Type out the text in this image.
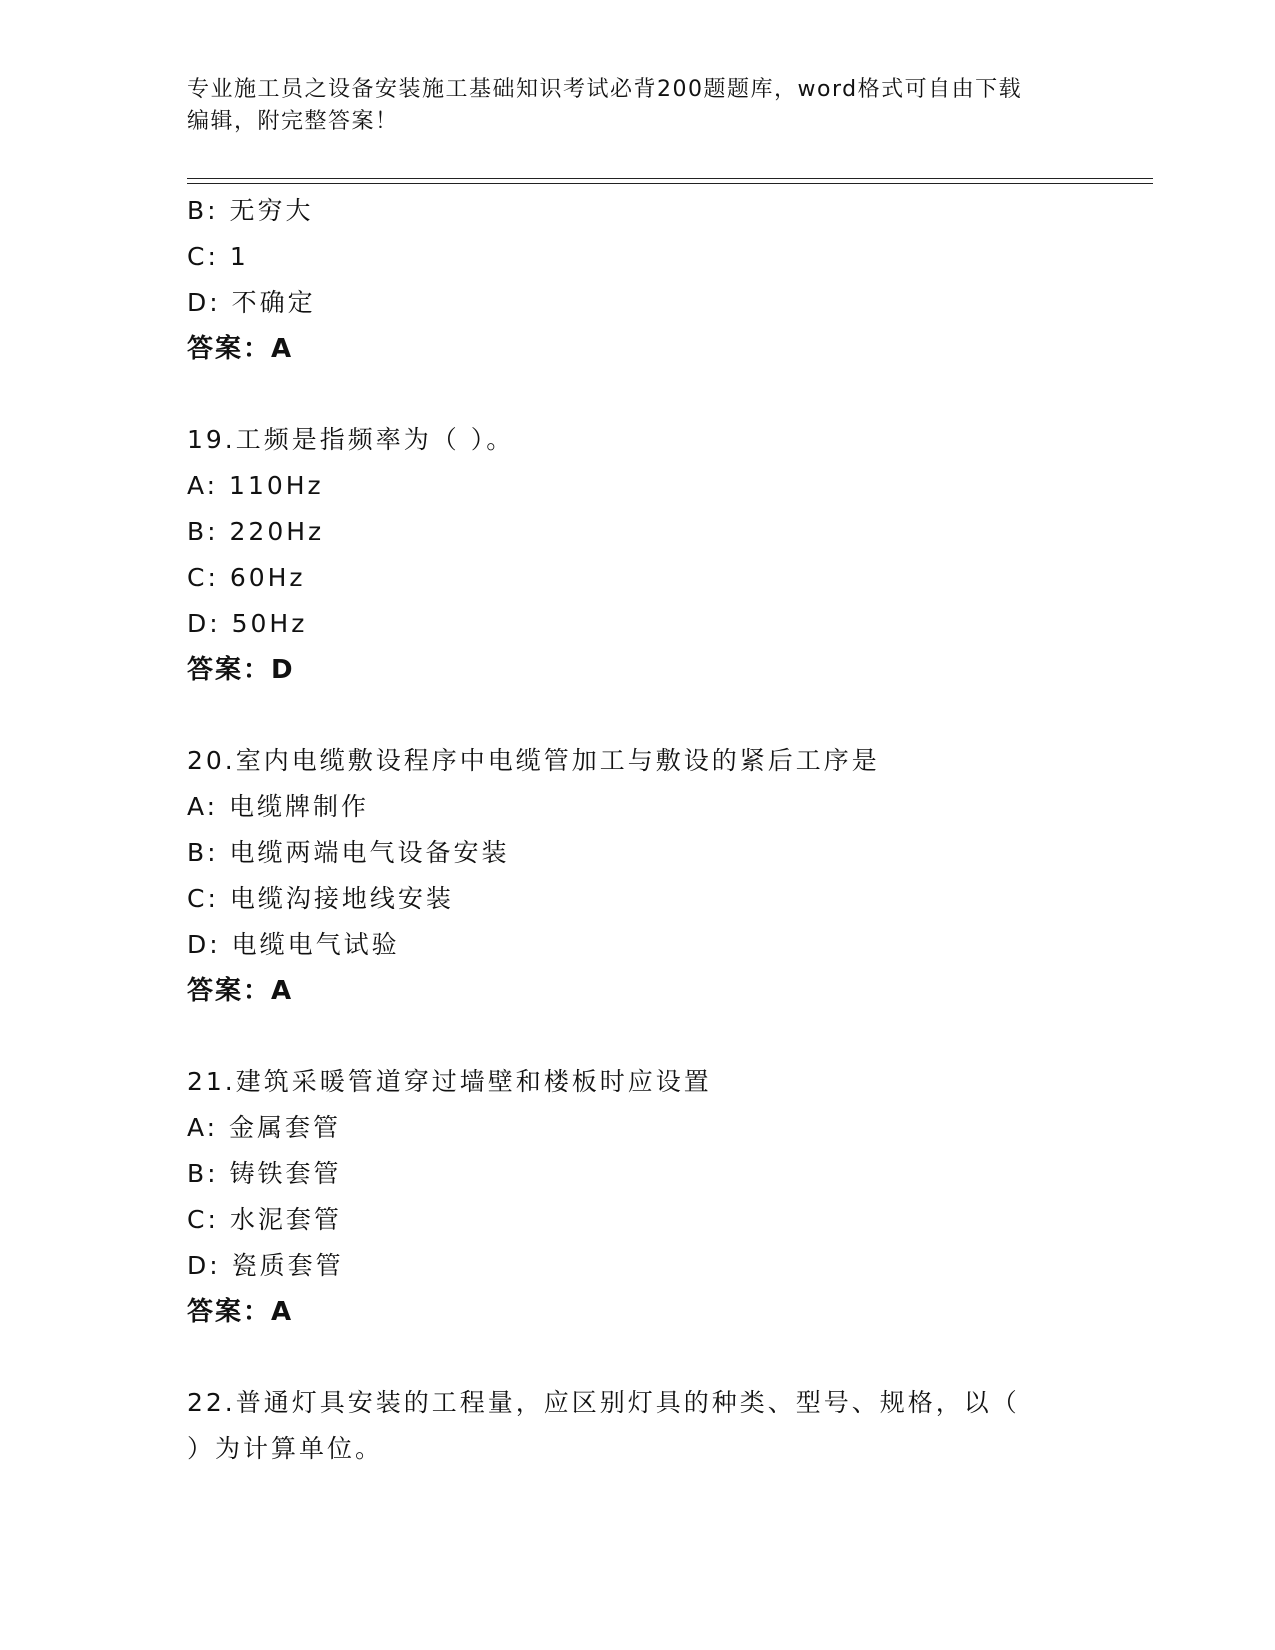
专业施工员之设备安装施工基础知识考试必背200题题库，word格式可自由下载
编辑，附完整答案！
B: 无穷大
C: 1
D: 不确定
答案：A
19.工频是指频率为（ ）。
A: 110Hz
B: 220Hz
C: 60Hz
D: 50Hz
答案：D
20.室内电缆敷设程序中电缆管加工与敷设的紧后工序是
A: 电缆牌制作
B: 电缆两端电气设备安装
C: 电缆沟接地线安装
D: 电缆电气试验
答案：A
21.建筑采暖管道穿过墙壁和楼板时应设置
A: 金属套管
B: 铸铁套管
C: 水泥套管
D: 瓷质套管
答案：A
22.普通灯具安装的工程量，应区别灯具的种类、型号、规格，以（
）为计算单位。
